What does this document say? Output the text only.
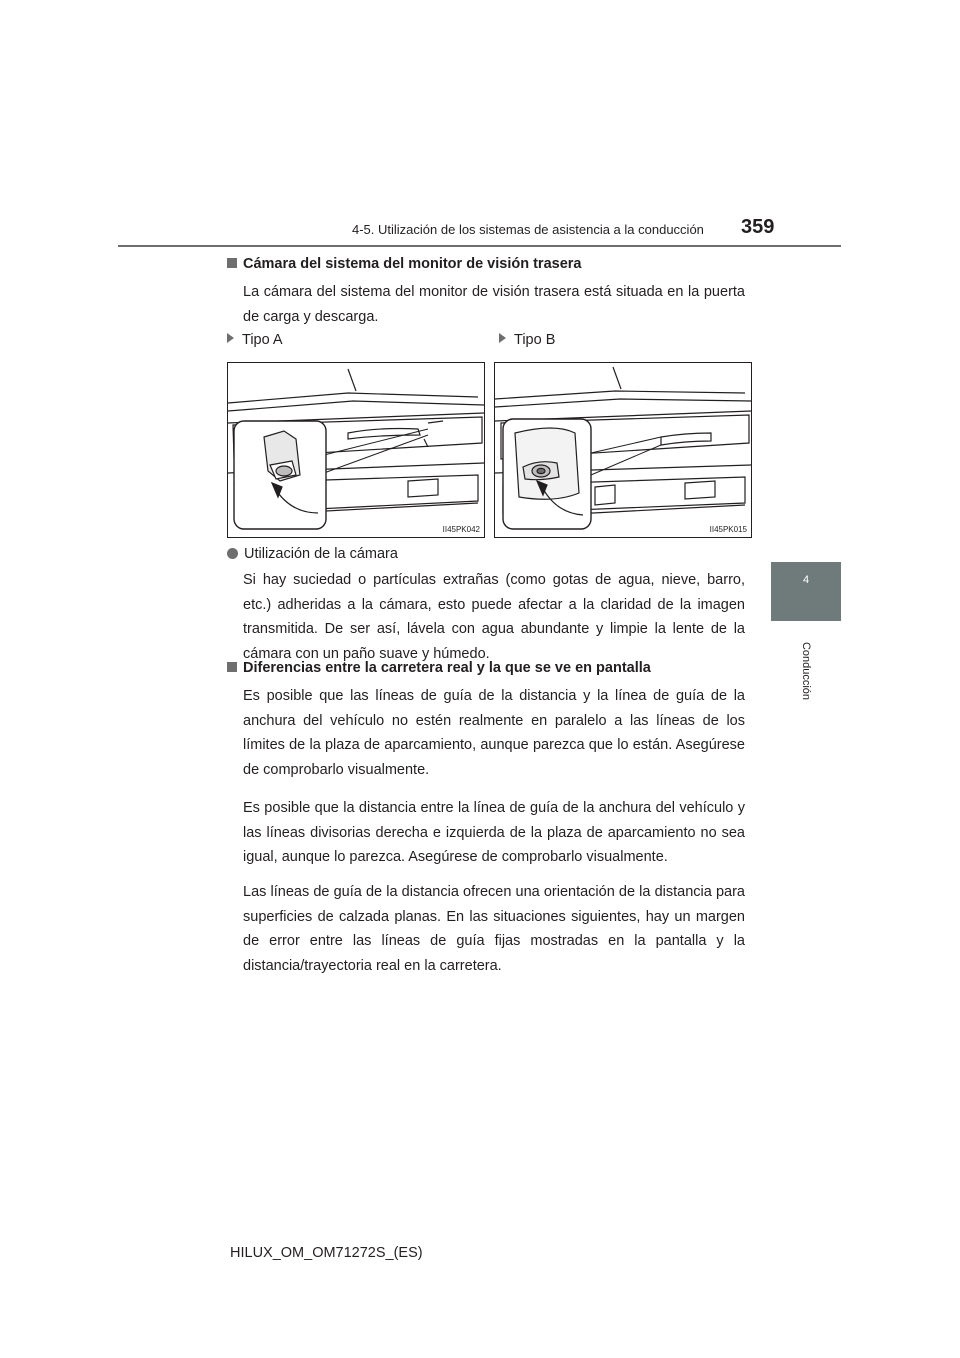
4-5. Utilización de los sistemas de asistencia a la conducción 359
4
Conducción
Cámara del sistema del monitor de visión trasera
La cámara del sistema del monitor de visión trasera está situada en la puerta de carga y descarga.
Tipo A	Tipo B
II45PK042	II45PK015
Utilización de la cámara
Si hay suciedad o partículas extrañas (como gotas de agua, nieve, barro, etc.) adheridas a la cámara, esto puede afectar a la claridad de la imagen transmitida. De ser así, lávela con agua abundante y limpie la lente de la cámara con un paño suave y húmedo.
Diferencias entre la carretera real y la que se ve en pantalla
Es posible que las líneas de guía de la distancia y la línea de guía de la anchura del vehículo no estén realmente en paralelo a las líneas de los límites de la plaza de aparcamiento, aunque parezca que lo están. Asegúrese de comprobarlo visualmente.
Es posible que la distancia entre la línea de guía de la anchura del vehículo y las líneas divisorias derecha e izquierda de la plaza de aparcamiento no sea igual, aunque lo parezca. Asegúrese de comprobarlo visualmente.
Las líneas de guía de la distancia ofrecen una orientación de la distancia para superficies de calzada planas. En las situaciones siguientes, hay un margen de error entre las líneas de guía fijas mostradas en la pantalla y la distancia/trayectoria real en la carretera.
HILUX_OM_OM71272S_(ES)
